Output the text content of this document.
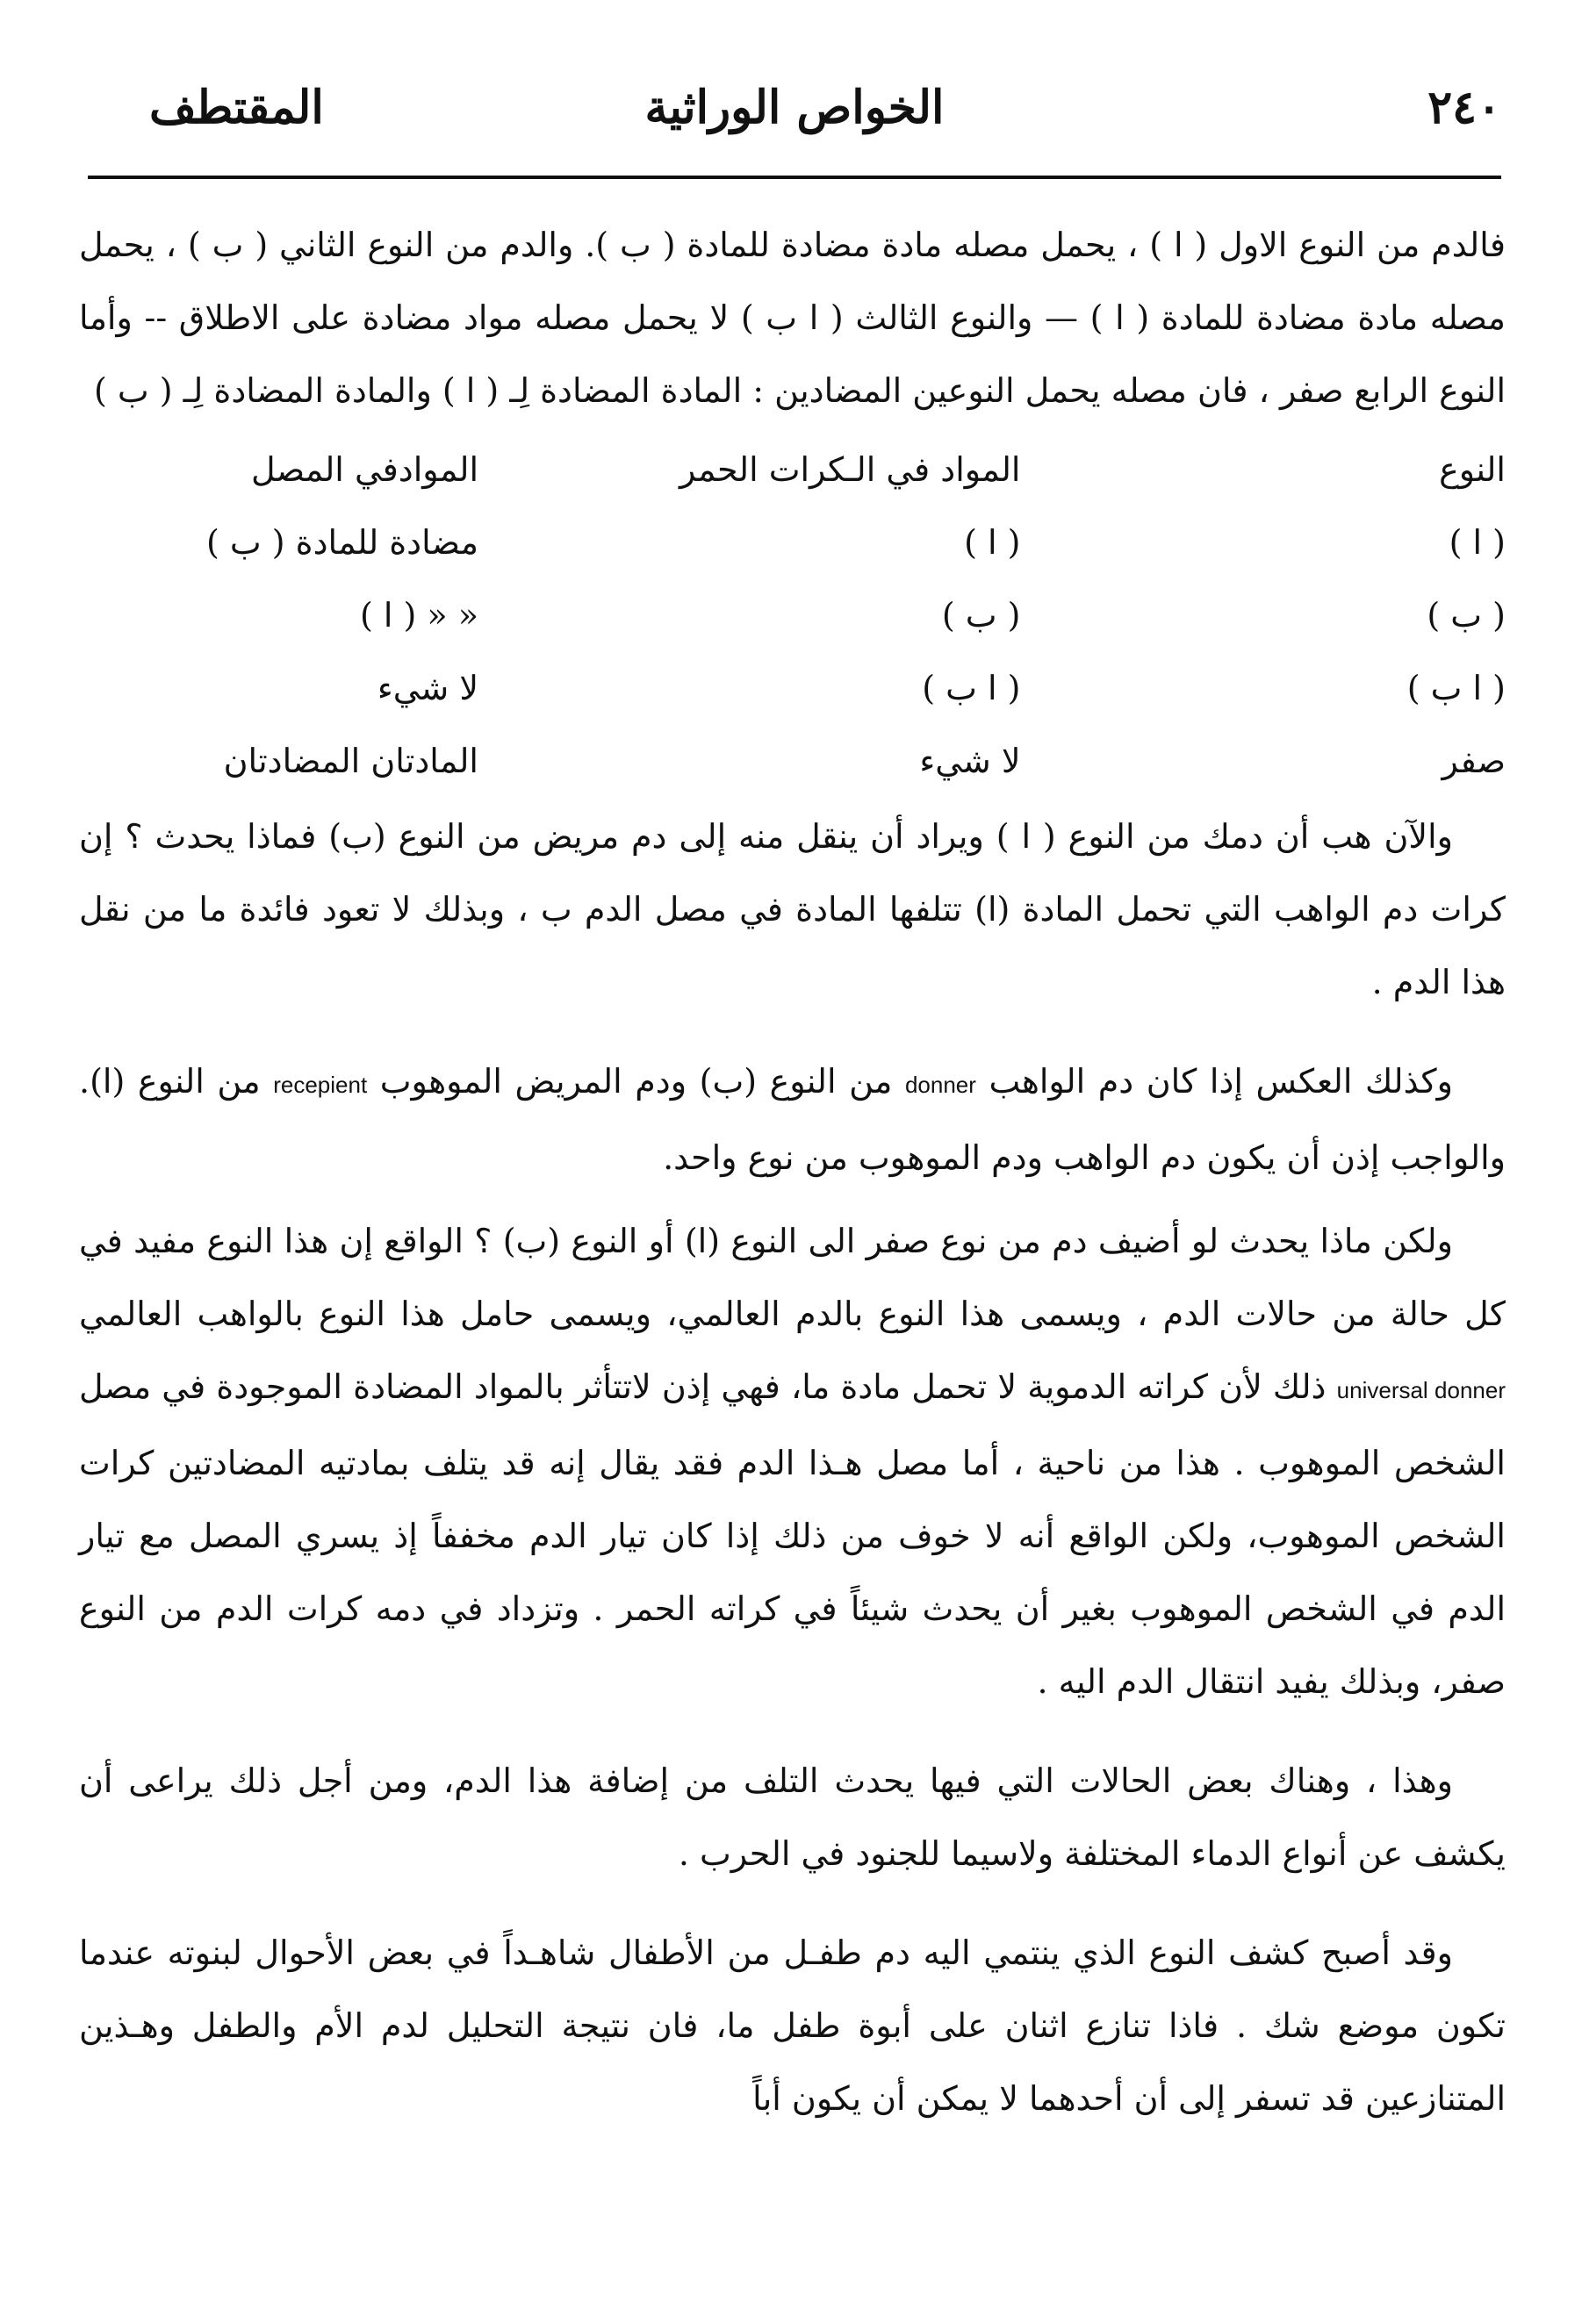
٢٤٠
الخواص الوراثية
المقتطف

فالدم من النوع الاول ( ا ) ، يحمل مصله مادة مضادة للمادة ( ب ). والدم من النوع الثاني ( ب ) ، يحمل مصله مادة مضادة للمادة ( ا ) — والنوع الثالث ( ا ب ) لا يحمل مصله مواد مضادة على الاطلاق -- وأما النوع الرابع صفر ، فان مصله يحمل النوعين المضادين : المادة المضادة لِـ ( ا ) والمادة المضادة لِـ ( ب )

النوع
المواد في الـكرات الحمر
الموادفي المصل
( ا )
( ا )
مضادة للمادة ( ب )
( ب )
( ب )
« « ( ا )
( ا ب )
( ا ب )
لا شيء
صفر
لا شيء
المادتان المضادتان

والآن هب أن دمك من النوع ( ا ) ويراد أن ينقل منه إلى دم مريض من النوع (ب) فماذا يحدث ؟ إن كرات دم الواهب التي تحمل المادة (ا) تتلفها المادة في مصل الدم ب ، وبذلك لا تعود فائدة ما من نقل هذا الدم .

وكذلك العكس إذا كان دم الواهب donner من النوع (ب) ودم المريض الموهوب recepient من النوع (ا). والواجب إذن أن يكون دم الواهب ودم الموهوب من نوع واحد.

ولكن ماذا يحدث لو أضيف دم من نوع صفر الى النوع (ا) أو النوع (ب) ؟ الواقع إن هذا النوع مفيد في كل حالة من حالات الدم ، ويسمى هذا النوع بالدم العالمي، ويسمى حامل هذا النوع بالواهب العالمي universal donner ذلك لأن كراته الدموية لا تحمل مادة ما، فهي إذن لاتتأثر بالمواد المضادة الموجودة في مصل الشخص الموهوب . هذا من ناحية ، أما مصل هـذا الدم فقد يقال إنه قد يتلف بمادتيه المضادتين كرات الشخص الموهوب، ولكن الواقع أنه لا خوف من ذلك إذا كان تيار الدم مخففاً إذ يسري المصل مع تيار الدم في الشخص الموهوب بغير أن يحدث شيئاً في كراته الحمر . وتزداد في دمه كرات الدم من النوع صفر، وبذلك يفيد انتقال الدم اليه .

وهذا ، وهناك بعض الحالات التي فيها يحدث التلف من إضافة هذا الدم، ومن أجل ذلك يراعى أن يكشف عن أنواع الدماء المختلفة ولاسيما للجنود في الحرب .

وقد أصبح كشف النوع الذي ينتمي اليه دم طفـل من الأطفال شاهـداً في بعض الأحوال لبنوته عندما تكون موضع شك . فاذا تنازع اثنان على أبوة طفل ما، فان نتيجة التحليل لدم الأم والطفل وهـذين المتنازعين قد تسفر إلى أن أحدهما لا يمكن أن يكون أباً
